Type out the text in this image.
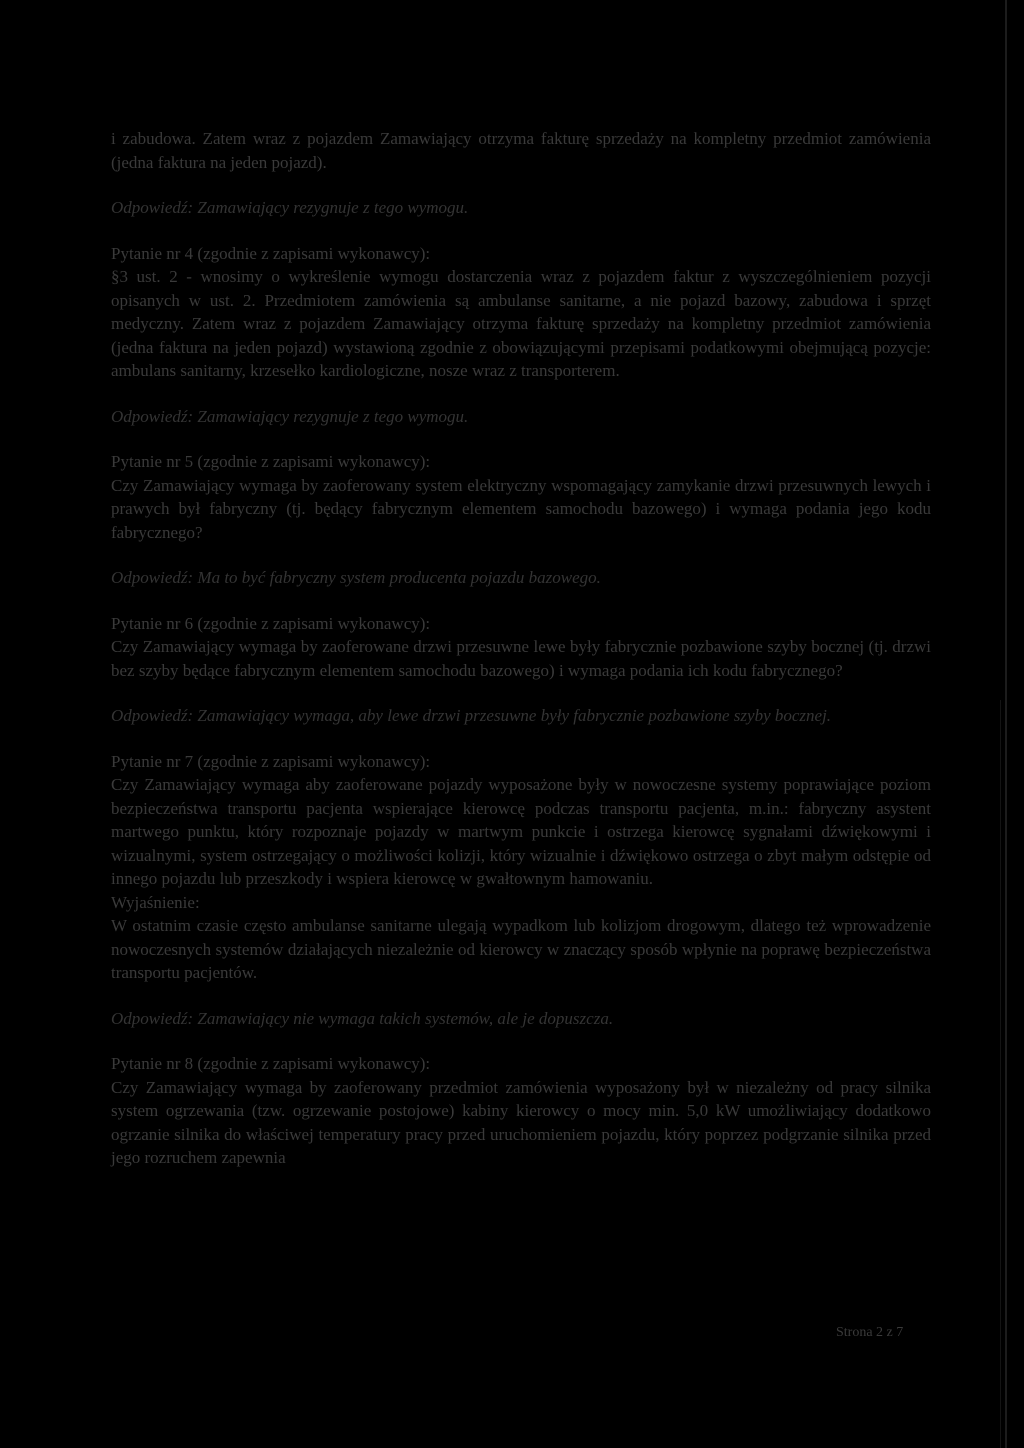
i zabudowa. Zatem wraz z pojazdem Zamawiający otrzyma fakturę sprzedaży na kompletny przedmiot zamówienia (jedna faktura na jeden pojazd).

Odpowiedź: Zamawiający rezygnuje z tego wymogu.

Pytanie nr 4 (zgodnie z zapisami wykonawcy):

§3 ust. 2 - wnosimy o wykreślenie wymogu dostarczenia wraz z pojazdem faktur z wyszczególnieniem pozycji opisanych w ust. 2. Przedmiotem zamówienia są ambulanse sanitarne, a nie pojazd bazowy, zabudowa i sprzęt medyczny. Zatem wraz z pojazdem Zamawiający otrzyma fakturę sprzedaży na kompletny przedmiot zamówienia (jedna faktura na jeden pojazd) wystawioną zgodnie z obowiązującymi przepisami podatkowymi obejmującą pozycje: ambulans sanitarny, krzesełko kardiologiczne, nosze wraz z transporterem.

Odpowiedź: Zamawiający rezygnuje z tego wymogu.

Pytanie nr 5 (zgodnie z zapisami wykonawcy):

Czy Zamawiający wymaga by zaoferowany system elektryczny wspomagający zamykanie drzwi przesuwnych lewych i prawych był fabryczny (tj. będący fabrycznym elementem samochodu bazowego) i wymaga podania jego kodu fabrycznego?

Odpowiedź: Ma to być fabryczny system producenta pojazdu bazowego.

Pytanie nr 6 (zgodnie z zapisami wykonawcy):

Czy Zamawiający wymaga by zaoferowane drzwi przesuwne lewe były fabrycznie pozbawione szyby bocznej (tj. drzwi bez szyby będące fabrycznym elementem samochodu bazowego) i wymaga podania ich kodu fabrycznego?

Odpowiedź: Zamawiający wymaga, aby lewe drzwi przesuwne były fabrycznie pozbawione szyby bocznej.

Pytanie nr 7 (zgodnie z zapisami wykonawcy):

Czy Zamawiający wymaga aby zaoferowane pojazdy wyposażone były w nowoczesne systemy poprawiające poziom bezpieczeństwa transportu pacjenta wspierające kierowcę podczas transportu pacjenta, m.in.: fabryczny asystent martwego punktu, który rozpoznaje pojazdy w martwym punkcie i ostrzega kierowcę sygnałami dźwiękowymi i wizualnymi, system ostrzegający o możliwości kolizji, który wizualnie i dźwiękowo ostrzega o zbyt małym odstępie od innego pojazdu lub przeszkody i wspiera kierowcę w gwałtownym hamowaniu.

Wyjaśnienie:

W ostatnim czasie często ambulanse sanitarne ulegają wypadkom lub kolizjom drogowym, dlatego też wprowadzenie nowoczesnych systemów działających niezależnie od kierowcy w znaczący sposób wpłynie na poprawę bezpieczeństwa transportu pacjentów.

Odpowiedź: Zamawiający nie wymaga takich systemów, ale je dopuszcza.

Pytanie nr 8 (zgodnie z zapisami wykonawcy):

Czy Zamawiający wymaga by zaoferowany przedmiot zamówienia wyposażony był w niezależny od pracy silnika system ogrzewania (tzw. ogrzewanie postojowe) kabiny kierowcy o mocy min. 5,0 kW umożliwiający dodatkowo ogrzanie silnika do właściwej temperatury pracy przed uruchomieniem pojazdu, który poprzez podgrzanie silnika przed jego rozruchem zapewnia

Strona 2 z 7
